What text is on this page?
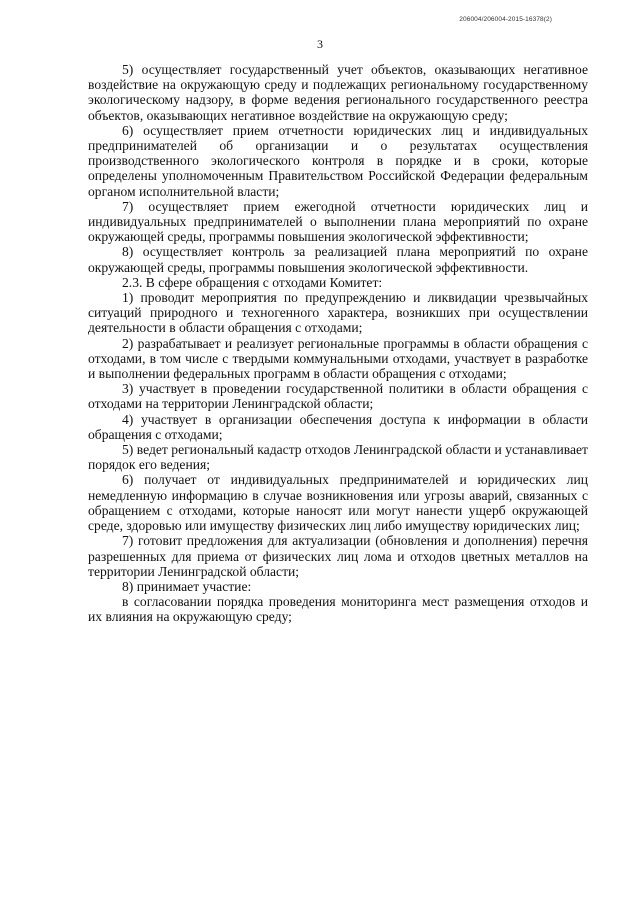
206004/206004-2015-16378(2)
3

5) осуществляет государственный учет объектов, оказывающих негативное воздействие на окружающую среду и подлежащих региональному государственному экологическому надзору, в форме ведения регионального государственного реестра объектов, оказывающих негативное воздействие на окружающую среду;

6) осуществляет прием отчетности юридических лиц и индивидуальных предпринимателей об организации и о результатах осуществления производственного экологического контроля в порядке и в сроки, которые определены уполномоченным Правительством Российской Федерации федеральным органом исполнительной власти;

7) осуществляет прием ежегодной отчетности юридических лиц и индивидуальных предпринимателей о выполнении плана мероприятий по охране окружающей среды, программы повышения экологической эффективности;

8) осуществляет контроль за реализацией плана мероприятий по охране окружающей среды, программы повышения экологической эффективности.

2.3. В сфере обращения с отходами Комитет:

1) проводит мероприятия по предупреждению и ликвидации чрезвычайных ситуаций природного и техногенного характера, возникших при осуществлении деятельности в области обращения с отходами;

2) разрабатывает и реализует региональные программы в области обращения с отходами, в том числе с твердыми коммунальными отходами, участвует в разработке и выполнении федеральных программ в области обращения с отходами;

3) участвует в проведении государственной политики в области обращения с отходами на территории Ленинградской области;

4) участвует в организации обеспечения доступа к информации в области обращения с отходами;

5) ведет региональный кадастр отходов Ленинградской области и устанавливает порядок его ведения;

6) получает от индивидуальных предпринимателей и юридических лиц немедленную информацию в случае возникновения или угрозы аварий, связанных с обращением с отходами, которые наносят или могут нанести ущерб окружающей среде, здоровью или имуществу физических лиц либо имуществу юридических лиц;

7) готовит предложения для актуализации (обновления и дополнения) перечня разрешенных для приема от физических лиц лома и отходов цветных металлов на территории Ленинградской области;

8) принимает участие:

в согласовании порядка проведения мониторинга мест размещения отходов и их влияния на окружающую среду;
